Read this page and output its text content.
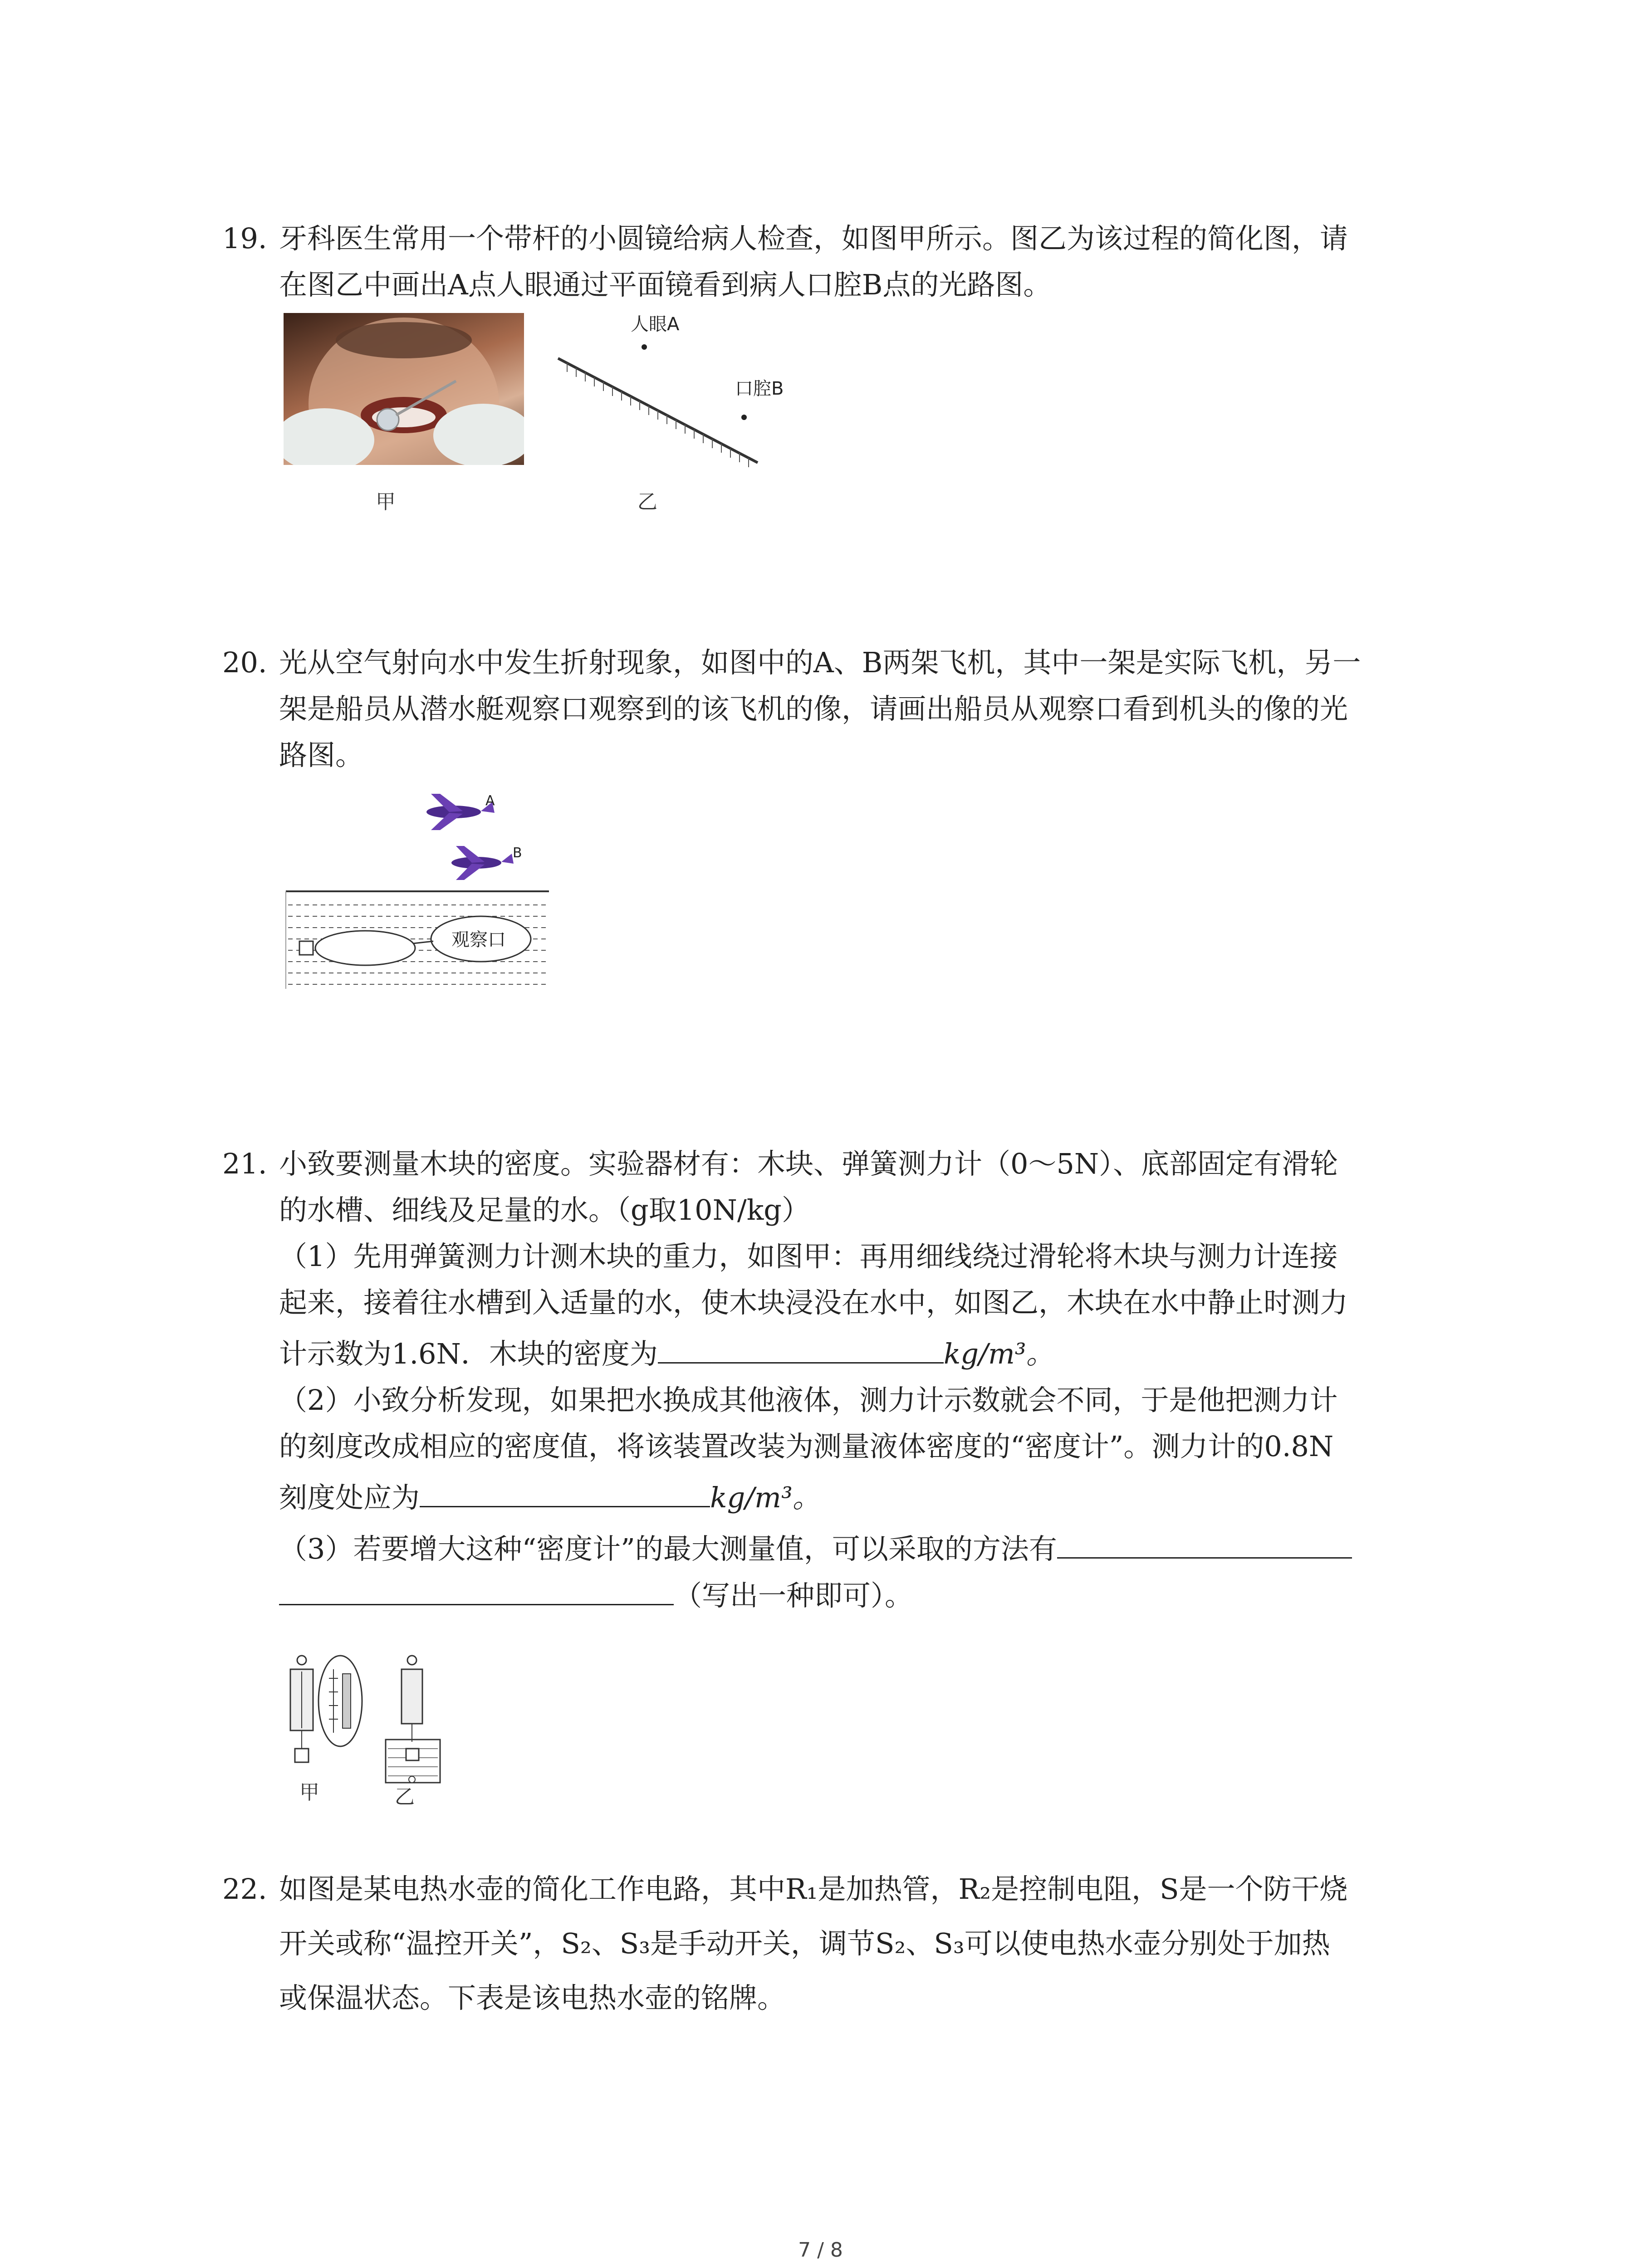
19. 牙科医生常用一个带杆的小圆镜给病人检查，如图甲所示。图乙为该过程的简化图，请

在图乙中画出A点人眼通过平面镜看到病人口腔B点的光路图。

甲
人眼A
口腔B
乙
20. 光从空气射向水中发生折射现象，如图中的A、B两架飞机，其中一架是实际飞机，另一

架是船员从潜水艇观察口观察到的该飞机的像，请画出船员从观察口看到机头的像的光

路图。

A
B
观察口
21. 小致要测量木块的密度。实验器材有：木块、弹簧测力计（0～5N）、底部固定有滑轮

的水槽、细线及足量的水。（g取10N/kg）

（1）先用弹簧测力计测木块的重力，如图甲：再用细线绕过滑轮将木块与测力计连接

起来，接着往水槽到入适量的水，使木块浸没在水中，如图乙，木块在水中静止时测力

计示数为1.6N．木块的密度为	kg/m³。

（2）小致分析发现，如果把水换成其他液体，测力计示数就会不同，于是他把测力计

的刻度改成相应的密度值，将该装置改装为测量液体密度的“密度计”。测力计的0.8N

刻度处应为	kg/m³。

（3）若要增大这种“密度计”的最大测量值，可以采取的方法有

（写出一种即可）。

甲	乙
22. 如图是某电热水壶的简化工作电路，其中R₁是加热管，R₂是控制电阻，S是一个防干烧

开关或称“温控开关”，S₂、S₃是手动开关，调节S₂、S₃可以使电热水壶分别处于加热

或保温状态。下表是该电热水壶的铭牌。

7 / 8
